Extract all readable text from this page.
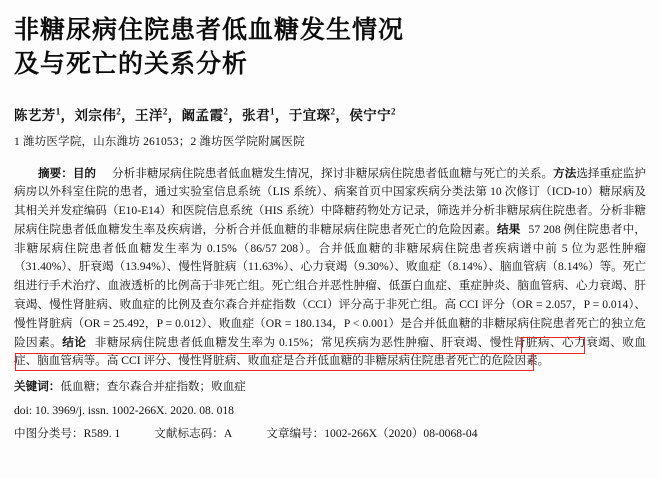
非糖尿病住院患者低血糖发生情况
及与死亡的关系分析
陈艺芳$^1$，刘宗伟$^2$，王洋$^2$，阚孟霞$^2$，张君$^1$，于宜琛$^2$，侯宁宁$^2$
1 潍坊医学院，山东潍坊 261053；2 潍坊医学院附属医院
摘要：目的 分析非糖尿病住院患者低血糖发生情况，探讨非糖尿病住院患者低血糖与死亡的关系。方法选择重症监护病房以外科室住院的患者，通过实验室信息系统（LIS 系统）、病案首页中国家疾病分类法第 10 次修订（ICD-10）糖尿病及其相关并发症编码（E10-E14）和医院信息系统（HIS 系统）中降糖药物处方记录，筛选并分析非糖尿病住院患者。分析非糖尿病住院患者低血糖发生率及疾病谱，分析合并低血糖的非糖尿病住院患者死亡的危险因素。结果 57 208 例住院患者中，非糖尿病住院患者低血糖发生率为 0.15%（86/57 208）。合并低血糖的非糖尿病住院患者疾病谱中前 5 位为恶性肿瘤（31.40%）、肝衰竭（13.94%）、慢性肾脏病（11.63%）、心力衰竭（9.30%）、败血症（8.14%）、脑血管病（8.14%）等。死亡组进行手术治疗、血液透析的比例高于非死亡组。死亡组合并恶性肿瘤、低蛋白血症、重症肿炎、脑血管病、心力衰竭、肝衰竭、慢性肾脏病、败血症的比例及查尔森合并症指数（CCI）评分高于非死亡组。高 CCI 评分（OR = 2.057，P = 0.014）、慢性肾脏病（OR = 25.492，P = 0.012）、败血症（OR = 180.134，P < 0.001）是合并低血糖的非糖尿病住院患者死亡的独立危险因素。结论 非糖尿病住院患者低血糖发生率为 0.15%；常见疾病为恶性肿瘤、肝衰竭、慢性肾脏病、心力衰竭、败血症、脑血管病等。高 CCI 评分、慢性肾脏病、败血症是合并低血糖的非糖尿病住院患者死亡的危险因素。
关键词：低血糖；查尔森合并症指数；败血症
doi: 10. 3969/j. issn. 1002-266X. 2020. 08. 018
中图分类号：R589. 1	文献标志码：A	文章编号：1002-266X（2020）08-0068-04
